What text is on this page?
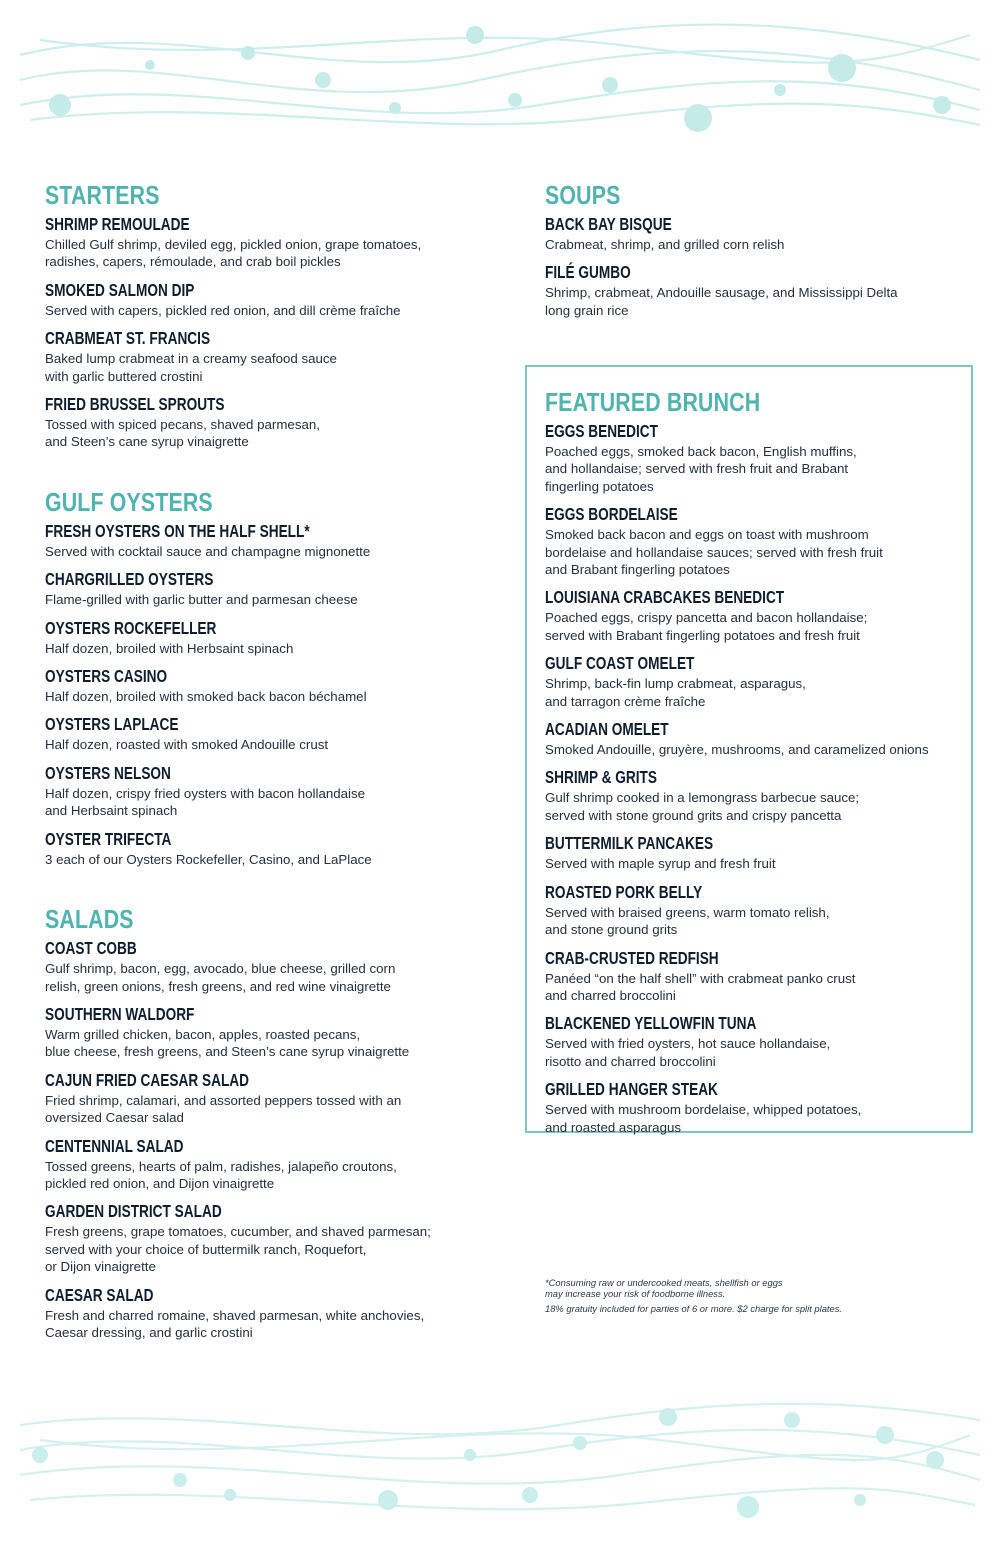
STARTERS
SHRIMP REMOULADE
Chilled Gulf shrimp, deviled egg, pickled onion, grape tomatoes,
radishes, capers, rémoulade, and crab boil pickles
SMOKED SALMON DIP
Served with capers, pickled red onion, and dill crème fraîche
CRABMEAT ST. FRANCIS
Baked lump crabmeat in a creamy seafood sauce
with garlic buttered crostini
FRIED BRUSSEL SPROUTS
Tossed with spiced pecans, shaved parmesan,
and Steen’s cane syrup vinaigrette
GULF OYSTERS
FRESH OYSTERS ON THE HALF SHELL*
Served with cocktail sauce and champagne mignonette
CHARGRILLED OYSTERS
Flame-grilled with garlic butter and parmesan cheese
OYSTERS ROCKEFELLER
Half dozen, broiled with Herbsaint spinach
OYSTERS CASINO
Half dozen, broiled with smoked back bacon béchamel
OYSTERS LAPLACE
Half dozen, roasted with smoked Andouille crust
OYSTERS NELSON
Half dozen, crispy fried oysters with bacon hollandaise
and Herbsaint spinach
OYSTER TRIFECTA
3 each of our Oysters Rockefeller, Casino, and LaPlace
SALADS
COAST COBB
Gulf shrimp, bacon, egg, avocado, blue cheese, grilled corn
relish, green onions, fresh greens, and red wine vinaigrette
SOUTHERN WALDORF
Warm grilled chicken, bacon, apples, roasted pecans,
blue cheese, fresh greens, and Steen’s cane syrup vinaigrette
CAJUN FRIED CAESAR SALAD
Fried shrimp, calamari, and assorted peppers tossed with an
oversized Caesar salad
CENTENNIAL SALAD
Tossed greens, hearts of palm, radishes, jalapeño croutons,
pickled red onion, and Dijon vinaigrette
GARDEN DISTRICT SALAD
Fresh greens, grape tomatoes, cucumber, and shaved parmesan;
served with your choice of buttermilk ranch, Roquefort,
or Dijon vinaigrette
CAESAR SALAD
Fresh and charred romaine, shaved parmesan, white anchovies,
Caesar dressing, and garlic crostini
SOUPS
BACK BAY BISQUE
Crabmeat, shrimp, and grilled corn relish
FILÉ GUMBO
Shrimp, crabmeat, Andouille sausage, and Mississippi Delta
long grain rice
FEATURED BRUNCH
EGGS BENEDICT
Poached eggs, smoked back bacon, English muffins,
and hollandaise; served with fresh fruit and Brabant
fingerling potatoes
EGGS BORDELAISE
Smoked back bacon and eggs on toast with mushroom
bordelaise and hollandaise sauces; served with fresh fruit
and Brabant fingerling potatoes
LOUISIANA CRABCAKES BENEDICT
Poached eggs, crispy pancetta and bacon hollandaise;
served with Brabant fingerling potatoes and fresh fruit
GULF COAST OMELET
Shrimp, back-fin lump crabmeat, asparagus,
and tarragon crème fraîche
ACADIAN OMELET
Smoked Andouille, gruyère, mushrooms, and caramelized onions
SHRIMP & GRITS
Gulf shrimp cooked in a lemongrass barbecue sauce;
served with stone ground grits and crispy pancetta
BUTTERMILK PANCAKES
Served with maple syrup and fresh fruit
ROASTED PORK BELLY
Served with braised greens, warm tomato relish,
and stone ground grits
CRAB-CRUSTED REDFISH
Panéed “on the half shell” with crabmeat panko crust
and charred broccolini
BLACKENED YELLOWFIN TUNA
Served with fried oysters, hot sauce hollandaise,
risotto and charred broccolini
GRILLED HANGER STEAK
Served with mushroom bordelaise, whipped potatoes,
and roasted asparagus

*Consuming raw or undercooked meats, shellfish or eggs
may increase your risk of foodborne illness.

18% gratuity included for parties of 6 or more. $2 charge for split plates.
